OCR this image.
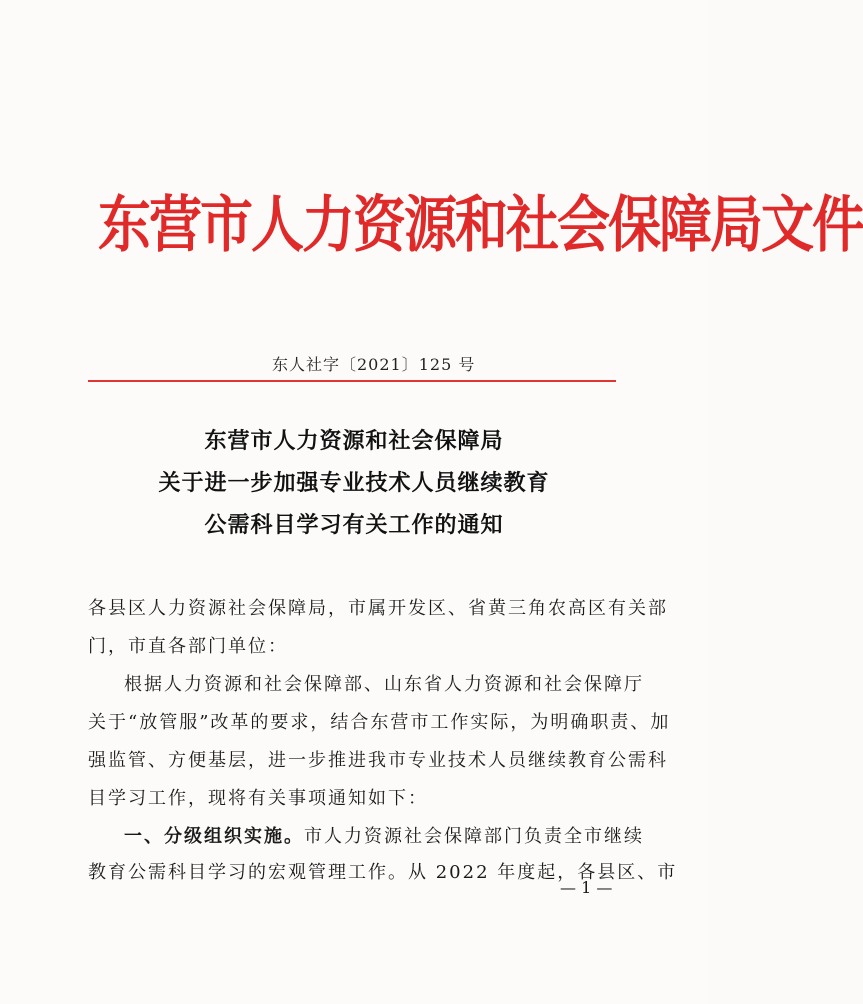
东营市人力资源和社会保障局文件
东人社字〔2021〕125 号
东营市人力资源和社会保障局
关于进一步加强专业技术人员继续教育
公需科目学习有关工作的通知
各县区人力资源社会保障局，市属开发区、省黄三角农高区有关部
门，市直各部门单位：
根据人力资源和社会保障部、山东省人力资源和社会保障厅
关于“放管服”改革的要求，结合东营市工作实际，为明确职责、加
强监管、方便基层，进一步推进我市专业技术人员继续教育公需科
目学习工作，现将有关事项通知如下：
一、分级组织实施。市人力资源社会保障部门负责全市继续
教育公需科目学习的宏观管理工作。从 2022 年度起，各县区、市
— 1 —
